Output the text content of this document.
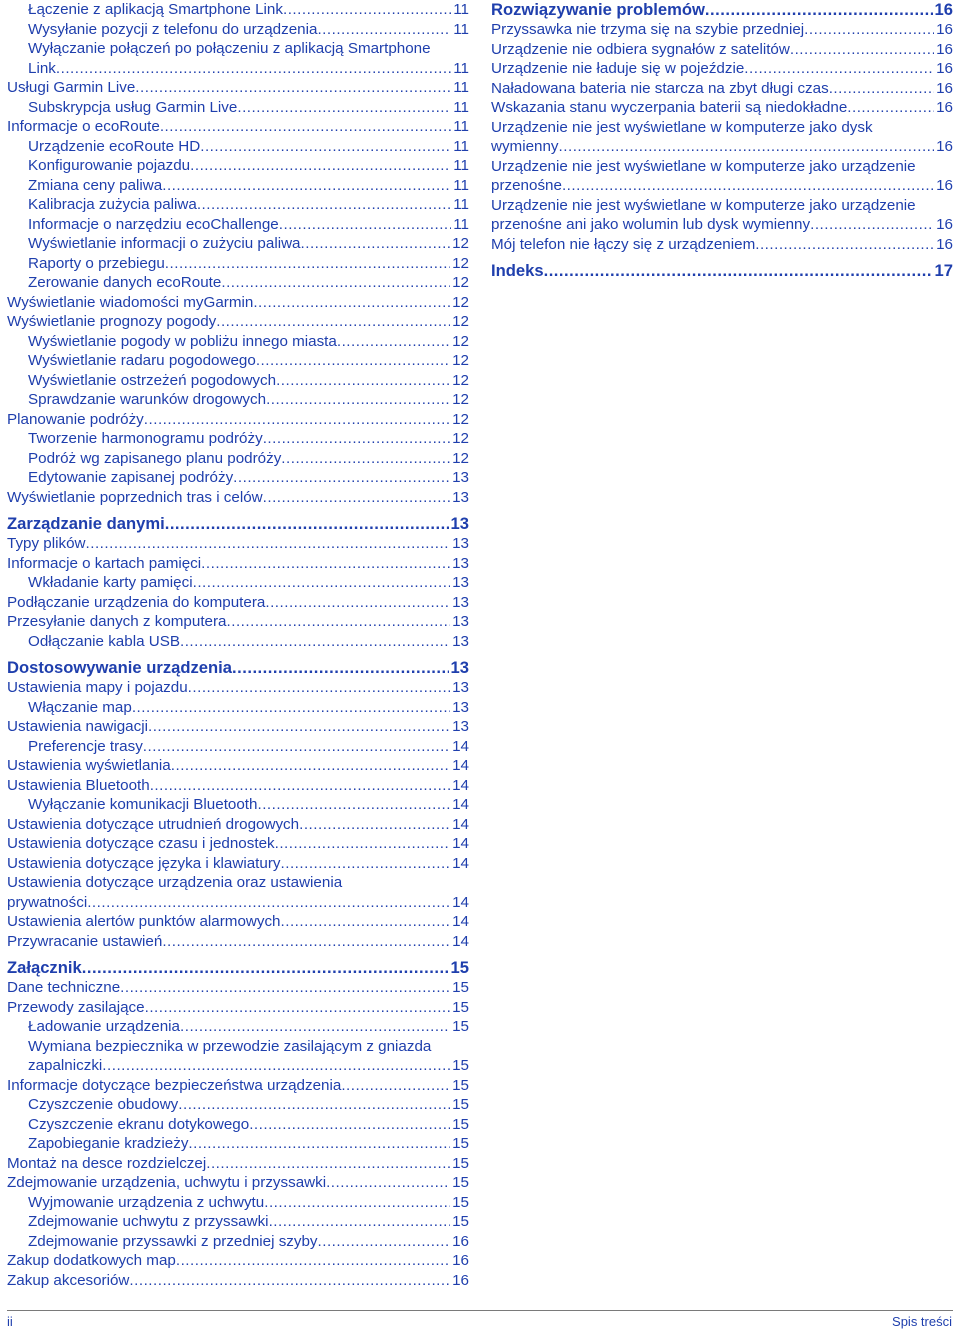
Łączenie z aplikacją Smartphone Link .....	11
Wysyłanie pozycji z telefonu do urządzenia .....	11
Wyłączanie połączeń po połączeniu z aplikacją Smartphone
Link .....	11
Usługi Garmin Live .....	11
Subskrypcja usług Garmin Live .....	11
Informacje o ecoRoute .....	11
Urządzenie ecoRoute HD .....	11
Konfigurowanie pojazdu .....	11
Zmiana ceny paliwa .....	11
Kalibracja zużycia paliwa .....	11
Informacje o narzędziu ecoChallenge .....	11
Wyświetlanie informacji o zużyciu paliwa .....	12
Raporty o przebiegu .....	12
Zerowanie danych ecoRoute .....	12
Wyświetlanie wiadomości myGarmin .....	12
Wyświetlanie prognozy pogody .....	12
Wyświetlanie pogody w pobliżu innego miasta .....	12
Wyświetlanie radaru pogodowego .....	12
Wyświetlanie ostrzeżeń pogodowych .....	12
Sprawdzanie warunków drogowych .....	12
Planowanie podróży .....	12
Tworzenie harmonogramu podróży .....	12
Podróż wg zapisanego planu podróży .....	12
Edytowanie zapisanej podróży .....	13
Wyświetlanie poprzednich tras i celów .....	13
Zarządzanie danymi .....	13
Typy plików .....	13
Informacje o kartach pamięci .....	13
Wkładanie karty pamięci .....	13
Podłączanie urządzenia do komputera .....	13
Przesyłanie danych z komputera .....	13
Odłączanie kabla USB .....	13
Dostosowywanie urządzenia .....	13
Ustawienia mapy i pojazdu .....	13
Włączanie map .....	13
Ustawienia nawigacji .....	13
Preferencje trasy .....	14
Ustawienia wyświetlania .....	14
Ustawienia Bluetooth .....	14
Wyłączanie komunikacji Bluetooth .....	14
Ustawienia dotyczące utrudnień drogowych .....	14
Ustawienia dotyczące czasu i jednostek .....	14
Ustawienia dotyczące języka i klawiatury .....	14
Ustawienia dotyczące urządzenia oraz ustawienia
prywatności .....	14
Ustawienia alertów punktów alarmowych .....	14
Przywracanie ustawień .....	14
Załącznik .....	15
Dane techniczne .....	15
Przewody zasilające .....	15
Ładowanie urządzenia .....	15
Wymiana bezpiecznika w przewodzie zasilającym z gniazda
zapalniczki .....	15
Informacje dotyczące bezpieczeństwa urządzenia .....	15
Czyszczenie obudowy .....	15
Czyszczenie ekranu dotykowego .....	15
Zapobieganie kradzieży .....	15
Montaż na desce rozdzielczej .....	15
Zdejmowanie urządzenia, uchwytu i przyssawki .....	15
Wyjmowanie urządzenia z uchwytu .....	15
Zdejmowanie uchwytu z przyssawki .....	15
Zdejmowanie przyssawki z przedniej szyby .....	16
Zakup dodatkowych map .....	16
Zakup akcesoriów .....	16
Rozwiązywanie problemów .....	16
Przyssawka nie trzyma się na szybie przedniej .....	16
Urządzenie nie odbiera sygnałów z satelitów .....	16
Urządzenie nie ładuje się w pojeździe .....	16
Naładowana bateria nie starcza na zbyt długi czas .....	16
Wskazania stanu wyczerpania baterii są niedokładne .....	16
Urządzenie nie jest wyświetlane w komputerze jako dysk
wymienny .....	16
Urządzenie nie jest wyświetlane w komputerze jako urządzenie
przenośne .....	16
Urządzenie nie jest wyświetlane w komputerze jako urządzenie
przenośne ani jako wolumin lub dysk wymienny .....	16
Mój telefon nie łączy się z urządzeniem .....	16
Indeks .....	17
ii	Spis treści
